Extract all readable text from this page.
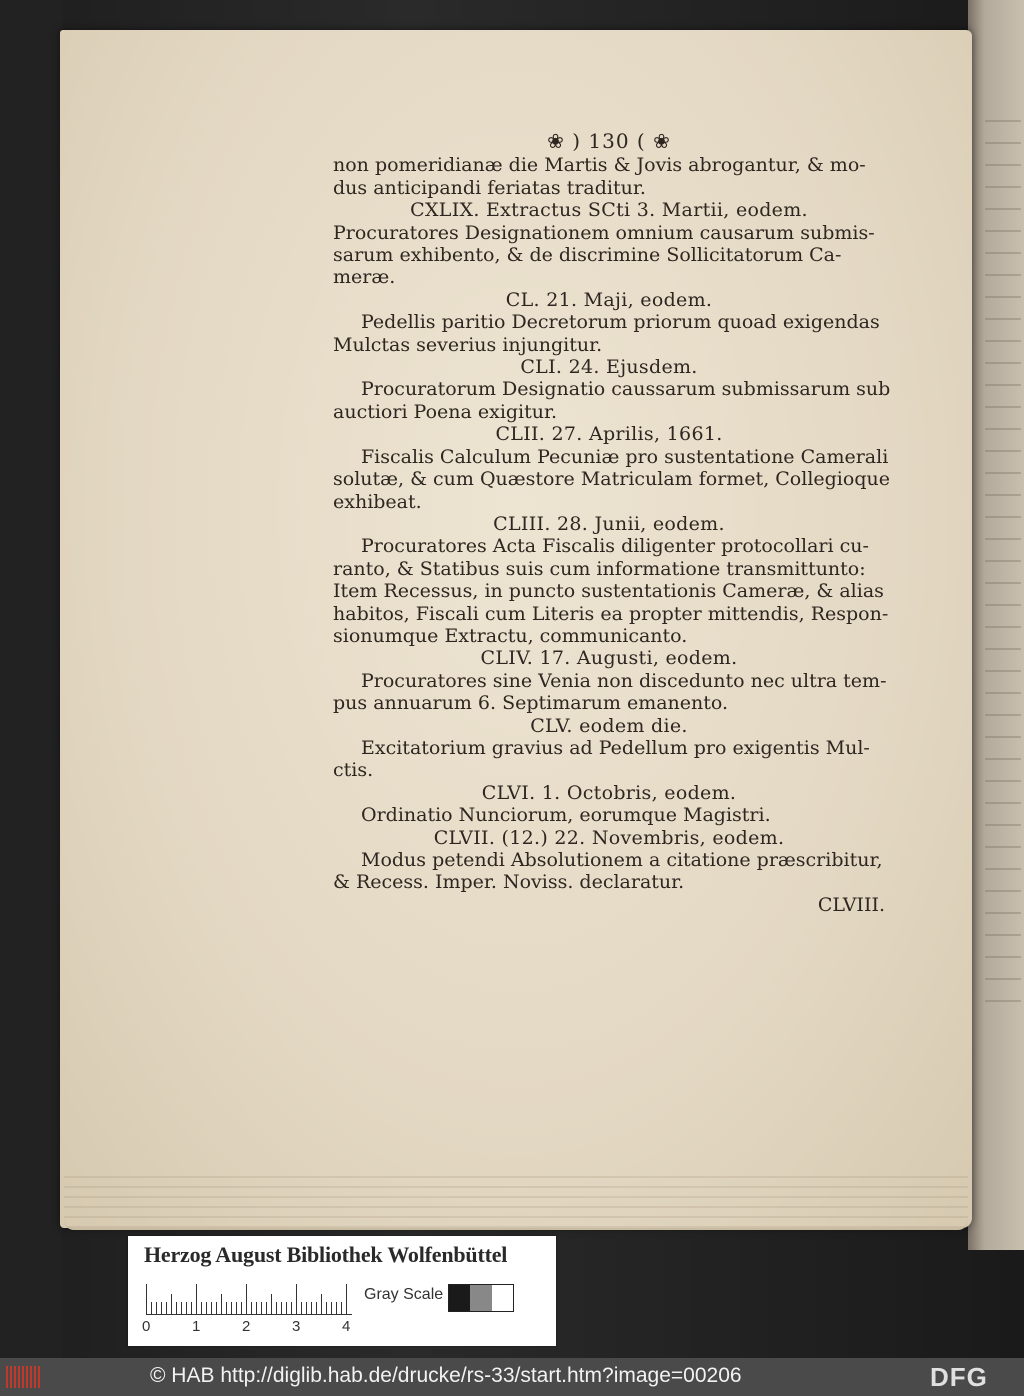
❀ ) 130 ( ❀
non pomeridianæ die Martis & Jovis abrogantur, & mo-
dus anticipandi feriatas traditur.
CXLIX. Extractus SCti 3. Martii, eodem.
Procuratores Designationem omnium causarum submis-
sarum exhibento, & de discrimine Sollicitatorum Ca-
meræ.
CL. 21. Maji, eodem.
Pedellis paritio Decretorum priorum quoad exigendas
Mulctas severius injungitur.
CLI. 24. Ejusdem.
Procuratorum Designatio caussarum submissarum sub
auctiori Poena exigitur.
CLII. 27. Aprilis, 1661.
Fiscalis Calculum Pecuniæ pro sustentatione Camerali
solutæ, & cum Quæstore Matriculam formet, Collegioque
exhibeat.
CLIII. 28. Junii, eodem.
Procuratores Acta Fiscalis diligenter protocollari cu-
ranto, & Statibus suis cum informatione transmittunto:
Item Recessus, in puncto sustentationis Cameræ, & alias
habitos, Fiscali cum Literis ea propter mittendis, Respon-
sionumque Extractu, communicanto.
CLIV. 17. Augusti, eodem.
Procuratores sine Venia non discedunto nec ultra tem-
pus annuarum 6. Septimarum emanento.
CLV. eodem die.
Excitatorium gravius ad Pedellum pro exigentis Mul-
ctis.
CLVI. 1. Octobris, eodem.
Ordinatio Nunciorum, eorumque Magistri.
CLVII. (12.) 22. Novembris, eodem.
Modus petendi Absolutionem a citatione præscribitur,
& Recess. Imper. Noviss. declaratur.
CLVIII.
Herzog August Bibliothek Wolfenbüttel
0	1	2	3	4
Gray Scale
© HAB http://diglib.hab.de/drucke/rs-33/start.htm?image=00206	DFG
